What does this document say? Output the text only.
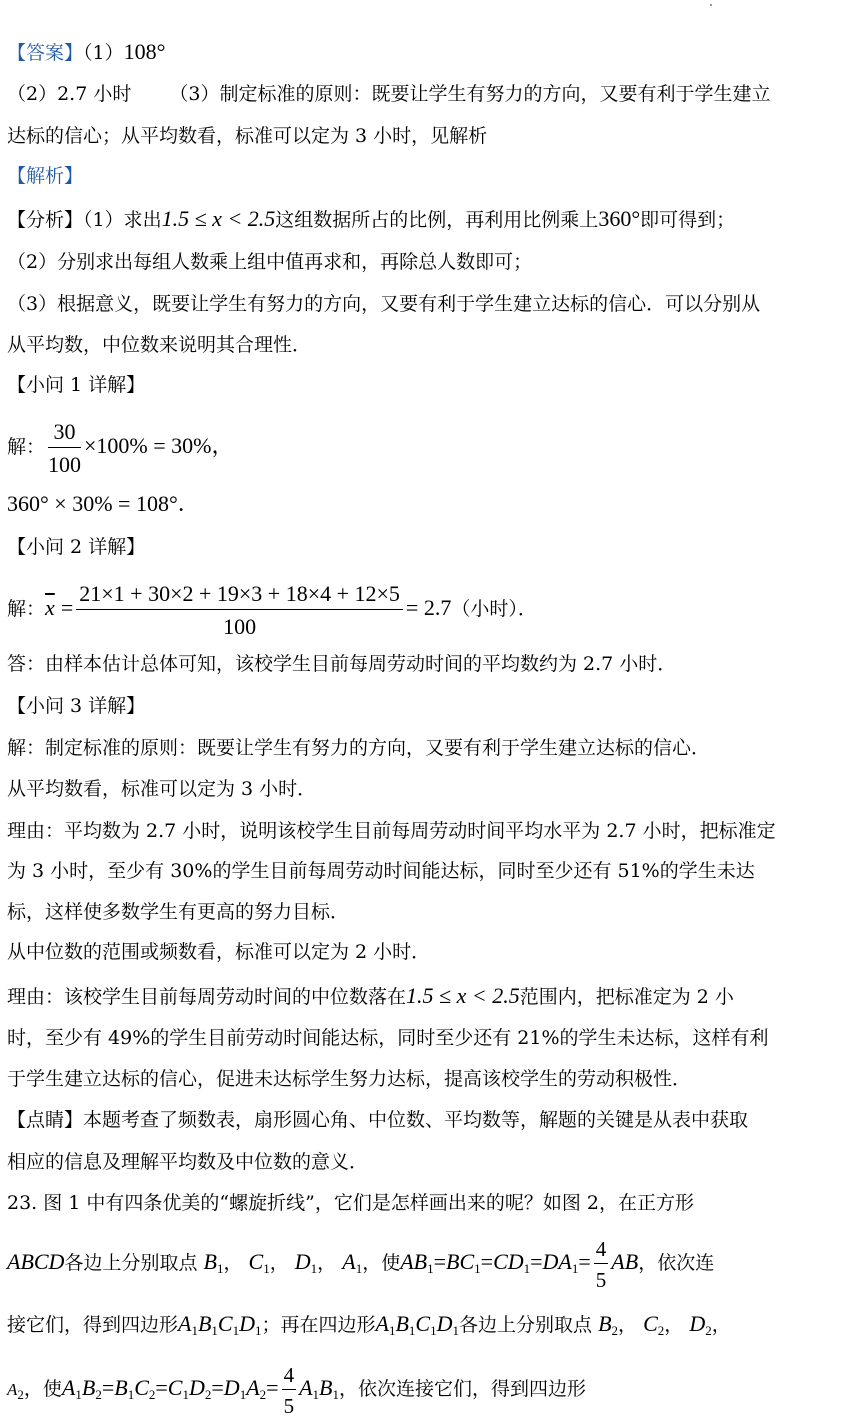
【答案】（1）108°
（2）2.7 小时 （3）制定标准的原则：既要让学生有努力的方向，又要有利于学生建立
达标的信心；从平均数看，标准可以定为 3 小时，见解析
【解析】
【分析】（1）求出1.5 ≤ x < 2.5这组数据所占的比例，再利用比例乘上360°即可得到；
（2）分别求出每组人数乘上组中值再求和，再除总人数即可；
（3）根据意义，既要让学生有努力的方向，又要有利于学生建立达标的信心．可以分别从
从平均数，中位数来说明其合理性．
【小问 1 详解】
解： $\frac{30}{100} \times 100\% = 30\%$，
360° × 30% = 108°．
【小问 2 详解】
解：$\overline{x} = \frac{21\times 1 + 30\times 2 + 19\times 3 + 18\times 4 + 12\times 5}{100} = 2.7$（小时）．
答：由样本估计总体可知，该校学生目前每周劳动时间的平均数约为 2.7 小时．
【小问 3 详解】
解：制定标准的原则：既要让学生有努力的方向，又要有利于学生建立达标的信心．
从平均数看，标准可以定为 3 小时．
理由：平均数为 2.7 小时，说明该校学生目前每周劳动时间平均水平为 2.7 小时，把标准定
为 3 小时，至少有 30%的学生目前每周劳动时间能达标，同时至少还有 51%的学生未达
标，这样使多数学生有更高的努力目标．
从中位数的范围或频数看，标准可以定为 2 小时．
理由：该校学生目前每周劳动时间的中位数落在1.5 ≤ x < 2.5范围内，把标准定为 2 小
时，至少有 49%的学生目前劳动时间能达标，同时至少还有 21%的学生未达标，这样有利
于学生建立达标的信心，促进未达标学生努力达标，提高该校学生的劳动积极性．
【点睛】本题考查了频数表，扇形圆心角、中位数、平均数等，解题的关键是从表中获取
相应的信息及理解平均数及中位数的意义．
23. 图 1 中有四条优美的“螺旋折线”，它们是怎样画出来的呢？如图 2，在正方形
ABCD各边上分别取点 $B_1$， $C_1$， $D_1$， $A_1$，使$AB_1=BC_1=CD_1=DA_1= \frac{4}{5}$ AB，依次连
接它们，得到四边形$A_1B_1C_1D_1$；再在四边形$A_1B_1C_1D_1$各边上分别取点 $B_2$， $C_2$， $D_2$，
$A_2$，使$A_1B_2=B_1C_2=C_1D_2=D_1A_2= \frac{4}{5} A_1B_1$，依次连接它们，得到四边形
